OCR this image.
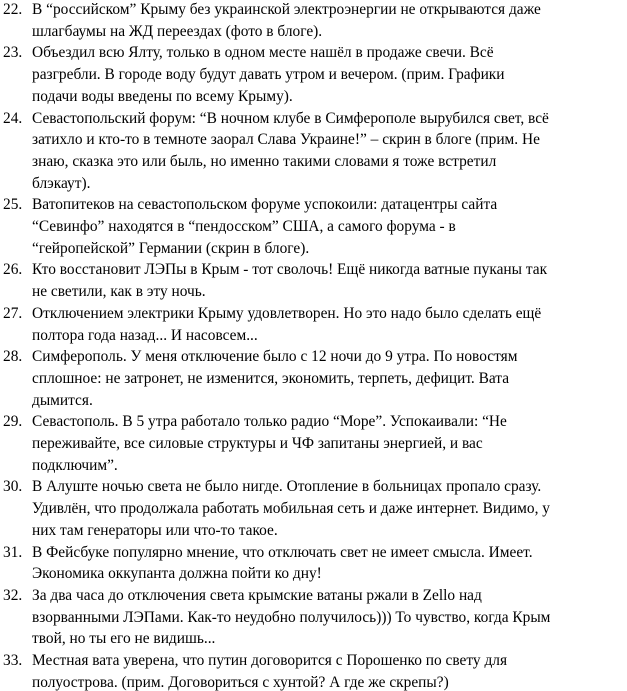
22. В “российском” Крыму без украинской электроэнергии не открываются даже
шлагбаумы на ЖД переездах (фото в блоге).
23. Объездил всю Ялту, только в одном месте нашёл в продаже свечи. Всё
разгребли. В городе воду будут давать утром и вечером. (прим. Графики
подачи воды введены по всему Крыму).
24. Севастопольский форум: “В ночном клубе в Симферополе вырубился свет, всё
затихло и кто-то в темноте заорал Слава Украине!” – скрин в блоге (прим. Не
знаю, сказка это или быль, но именно такими словами я тоже встретил
блэкаут).
25. Ватопитеков на севастопольском форуме успокоили: датацентры сайта
“Севинфо” находятся в “пендосском” США, а самого форума - в
“гейропейской” Германии (скрин в блоге).
26. Кто восстановит ЛЭПы в Крым - тот сволочь! Ещё никогда ватные пуканы так
не светили, как в эту ночь.
27. Отключением электрики Крыму удовлетворен. Но это надо было сделать ещё
полтора года назад... И насовсем...
28. Симферополь. У меня отключение было с 12 ночи до 9 утра. По новостям
сплошное: не затронет, не изменится, экономить, терпеть, дефицит. Вата
дымится.
29. Севастополь. В 5 утра работало только радио “Море”. Успокаивали: “Не
переживайте, все силовые структуры и ЧФ запитаны энергией, и вас
подключим”.
30. В Алуште ночью света не было нигде. Отопление в больницах пропало сразу.
Удивлён, что продолжала работать мобильная сеть и даже интернет. Видимо, у
них там генераторы или что-то такое.
31. В Фейсбуке популярно мнение, что отключать свет не имеет смысла. Имеет.
Экономика оккупанта должна пойти ко дну!
32. За два часа до отключения света крымские ватаны ржали в Zello над
взорванными ЛЭПами. Как-то неудобно получилось))) То чувство, когда Крым
твой, но ты его не видишь...
33. Местная вата уверена, что путин договорится с Порошенко по свету для
полуострова. (прим. Договориться с хунтой? А где же скрепы?)
